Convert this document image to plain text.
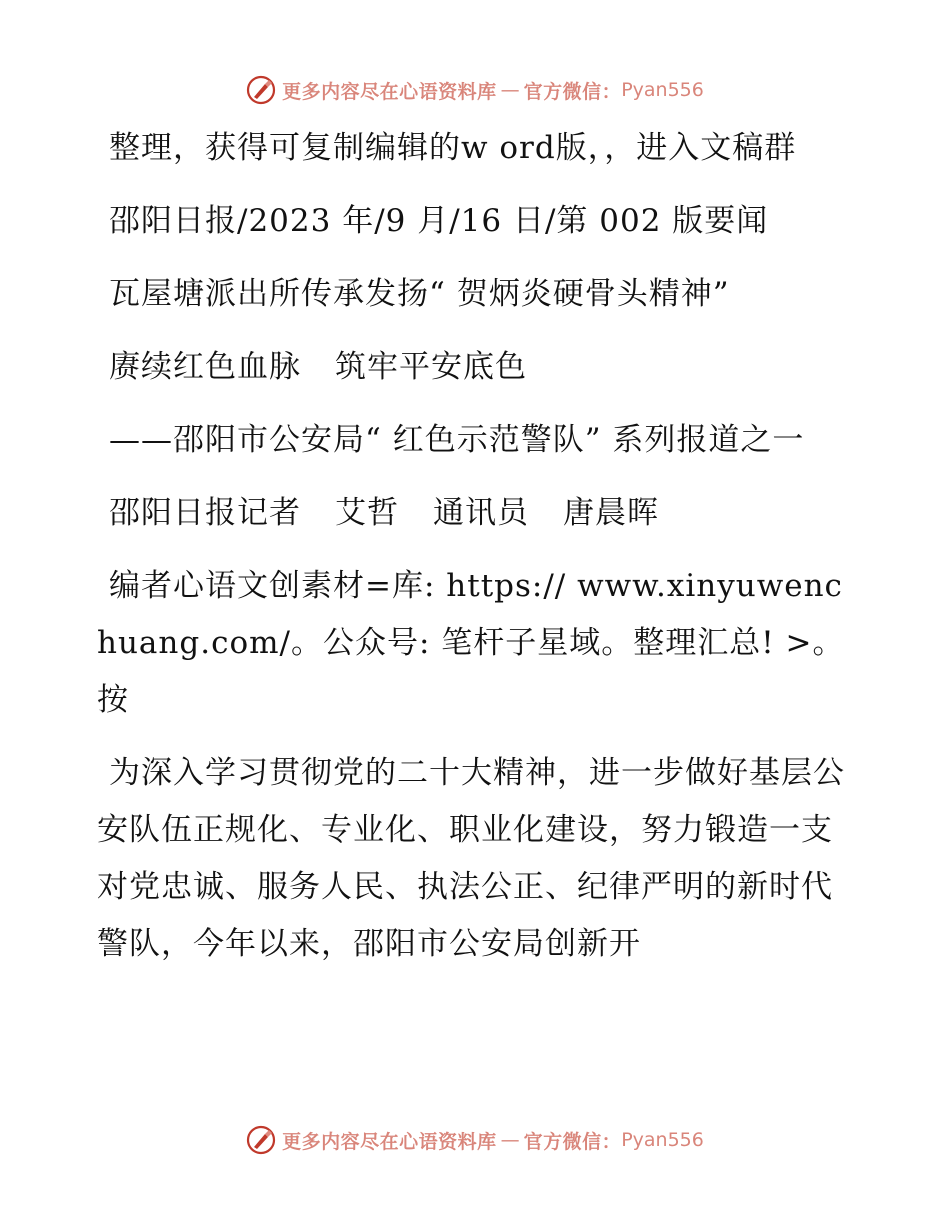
更多内容尽在心语资料库 — 官方微信： Pyan556

整理，获得可复制编辑的w ord版，，进入文稿群

邵阳日报/2023 年/9 月/16 日/第 002 版要闻

瓦屋塘派出所传承发扬“ 贺炳炎硬骨头精神”

赓续红色血脉 筑牢平安底色

——邵阳市公安局“ 红色示范警队” 系列报道之一

邵阳日报记者 艾哲 通讯员 唐晨晖

编者心语文创素材=库: https:// www.xinyuwenchuang.com/。公众号: 笔杆子星域。整理汇总! >。按

为深入学习贯彻党的二十大精神，进一步做好基层公安队伍正规化、专业化、职业化建设，努力锻造一支对党忠诚、服务人民、执法公正、纪律严明的新时代警队，今年以来，邵阳市公安局创新开

更多内容尽在心语资料库 — 官方微信： Pyan556
